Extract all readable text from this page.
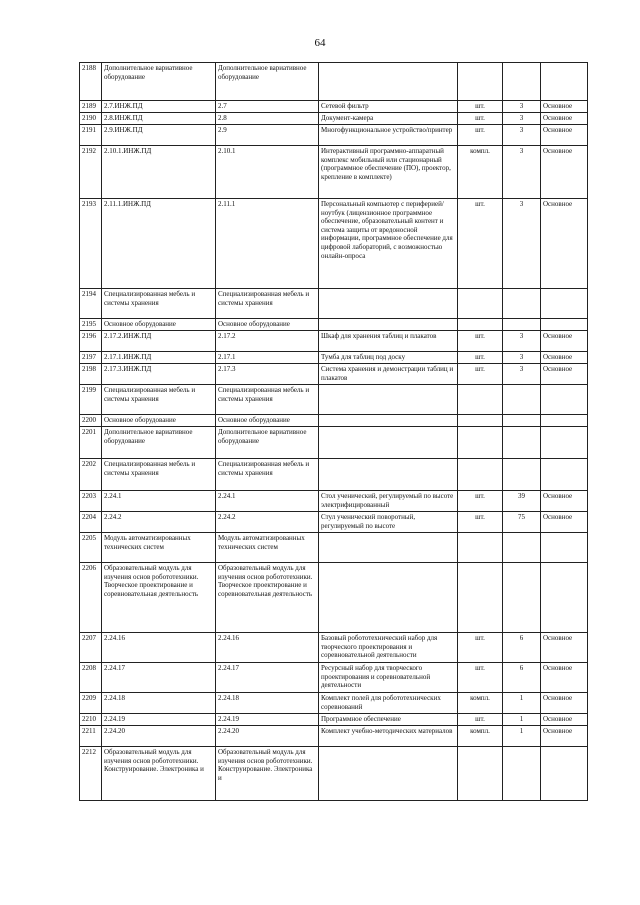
64
2188	Дополнительное вариативное оборудование	Дополнительное вариативное оборудование				
2189	2.7.ИНЖ.ПД	2.7	Сетевой фильтр	шт.	3	Основное
2190	2.8.ИНЖ.ПД	2.8	Документ-камера	шт.	3	Основное
2191	2.9.ИНЖ.ПД	2.9	Многофункциональное устройство/принтер	шт.	3	Основное
2192	2.10.1.ИНЖ.ПД	2.10.1	Интерактивный программно-аппаратный комплекс мобильный или стационарный (программное обеспечение (ПО), проектор, крепление в комплекте)	компл.	3	Основное
2193	2.11.1.ИНЖ.ПД	2.11.1	Персональный компьютер с периферией/ноутбук (лицензионное программное обеспечение, образовательный контент и система защиты от вредоносной информации, программное обеспечение для цифровой лабораторий, с возможностью онлайн-опроса	шт.	3	Основное
2194	Специализированная мебель и системы хранения	Специализированная мебель и системы хранения				
2195	Основное оборудование	Основное оборудование				
2196	2.17.2.ИНЖ.ПД	2.17.2	Шкаф для хранения таблиц и плакатов	шт.	3	Основное
2197	2.17.1.ИНЖ.ПД	2.17.1	Тумба для таблиц под доску	шт.	3	Основное
2198	2.17.3.ИНЖ.ПД	2.17.3	Система хранения и демонстрации таблиц и плакатов	шт.	3	Основное
2199	Специализированная мебель и системы хранения	Специализированная мебель и системы хранения				
2200	Основное оборудование	Основное оборудование				
2201	Дополнительное вариативное оборудование	Дополнительное вариативное оборудование				
2202	Специализированная мебель и системы хранения	Специализированная мебель и системы хранения				
2203	2.24.1	2.24.1	Стол ученический, регулируемый по высоте электрифицированный	шт.	39	Основное
2204	2.24.2	2.24.2	Стул ученический поворотный, регулируемый по высоте	шт.	75	Основное
2205	Модуль автоматизированных технических систем	Модуль автоматизированных технических систем				
2206	Образовательный модуль для изучения основ робототехники. Творческое проектирование и соревновательная деятельность	Образовательный модуль для изучения основ робототехники. Творческое проектирование и соревновательная деятельность				
2207	2.24.16	2.24.16	Базовый робототехнический набор для творческого проектирования и соревновательной деятельности	шт.	6	Основное
2208	2.24.17	2.24.17	Ресурсный набор для творческого проектирования и соревновательной деятельности	шт.	6	Основное
2209	2.24.18	2.24.18	Комплект полей для робототехнических соревнований	компл.	1	Основное
2210	2.24.19	2.24.19	Программное обеспечение	шт.	1	Основное
2211	2.24.20	2.24.20	Комплект учебно-методических материалов	компл.	1	Основное
2212	Образовательный модуль для изучения основ робототехники. Конструирование. Электроника и	Образовательный модуль для изучения основ робототехники. Конструирование. Электроника и				
